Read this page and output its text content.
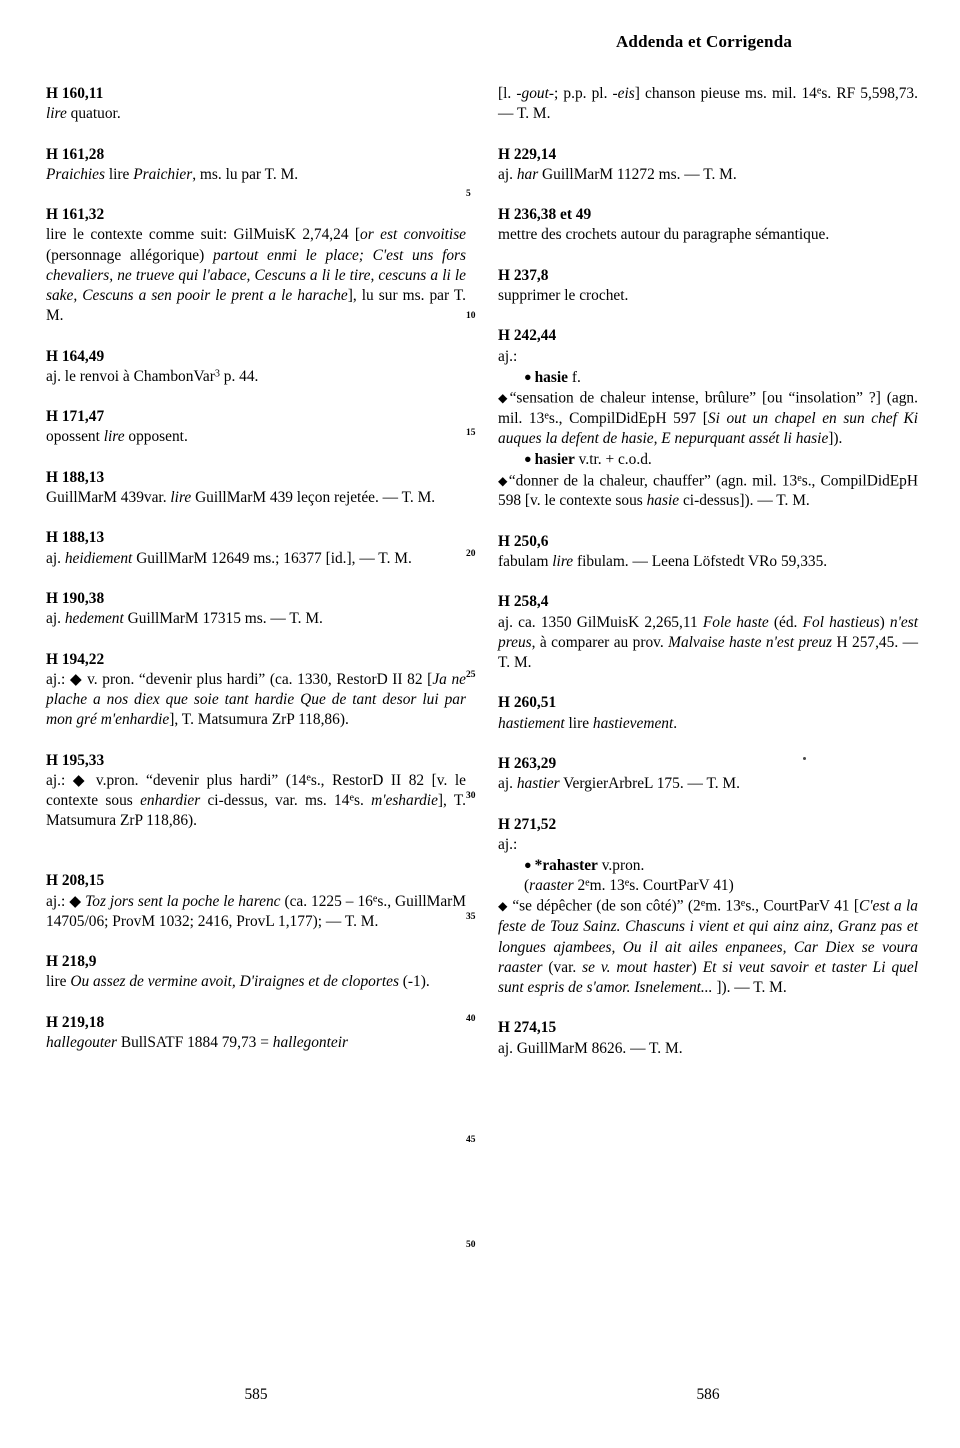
Addenda et Corrigenda
H 160,11

lire quatuor.

H 161,28

Praichies lire Praichier, ms. lu par T. M.

H 161,32

lire le contexte comme suit: GilMuisK 2,74,24 [or est convoitise (personnage allégorique) partout enmi le place; C'est uns fors chevaliers, ne trueve qui l'abace, Cescuns a li le tire, cescuns a li le sake, Cescuns a sen pooir le prent a le harache], lu sur ms. par T. M.

H 164,49

aj. le renvoi à ChambonVar$^3$ p. 44.

H 171,47

opossent lire opposent.

H 188,13

GuillMarM 439var. lire GuillMarM 439 leçon rejetée. — T. M.

H 188,13

aj. heidiement GuillMarM 12649 ms.; 16377 [id.], — T. M.

H 190,38

aj. hedement GuillMarM 17315 ms. — T. M.

H 194,22

aj.: ◆ v. pron. “devenir plus hardi” (ca. 1330, RestorD II 82 [Ja ne plache a nos diex que soie tant hardie Que de tant desor lui par mon gré m'enhardie], T. Matsumura ZrP 118,86).

H 195,33

aj.: ◆ v.pron. “devenir plus hardi” (14es., RestorD II 82 [v. le contexte sous enhardier ci-dessus, var. ms. 14es. m'eshardie], T. Matsumura ZrP 118,86).

H 208,15

aj.: ◆ Toz jors sent la poche le harenc (ca. 1225 – 16es., GuillMarM 14705/06; ProvM 1032; 2416, ProvL 1,177); — T. M.

H 218,9

lire Ou assez de vermine avoit, D'iraignes et de cloportes (-1).

H 219,18

hallegouter BullSATF 1884 79,73 = hallegonteir

[l. -gout-; p.p. pl. -eis] chanson pieuse ms. mil. 14es. RF 5,598,73. — T. M.

H 229,14

aj. har GuillMarM 11272 ms. — T. M.

H 236,38 et 49

mettre des crochets autour du paragraphe sémantique.

H 237,8

supprimer le crochet.

H 242,44

aj.:

● hasie f.

◆“sensation de chaleur intense, brûlure” [ou “insolation” ?] (agn. mil. 13es., CompilDidEpH 597 [Si out un chapel en sun chef Ki auques la defent de hasie, E nepurquant assét li hasie]).

● hasier v.tr. + c.o.d.

◆“donner de la chaleur, chauffer” (agn. mil. 13es., CompilDidEpH 598 [v. le contexte sous hasie ci-dessus]). — T. M.

H 250,6

fabulam lire fibulam. — Leena Löfstedt VRo 59,335.

H 258,4

aj. ca. 1350 GilMuisK 2,265,11 Fole haste (éd. Fol hastieus) n'est preus, à comparer au prov. Malvaise haste n'est preuz H 257,45. — T. M.

H 260,51

hastiement lire hastievement.

H 263,29

aj. hastier VergierArbreL 175. — T. M.

H 271,52

aj.:

● *rahaster v.pron.

(raaster 2em. 13es. CourtParV 41)

◆ “se dépêcher (de son côté)” (2em. 13es., CourtParV 41 [C'est a la feste de Touz Sainz. Chascuns i vient et qui ainz ainz, Granz pas et longues ajambees, Ou il ait ailes enpanees, Car Diex se voura raaster (var. se v. mout haster) Et si veut savoir et taster Li quel sunt espris de s'amor. Isnelement... ]). — T. M.

H 274,15

aj. GuillMarM 8626. — T. M.

5
10
15
20
25
30
35
40
45
50
585	586
